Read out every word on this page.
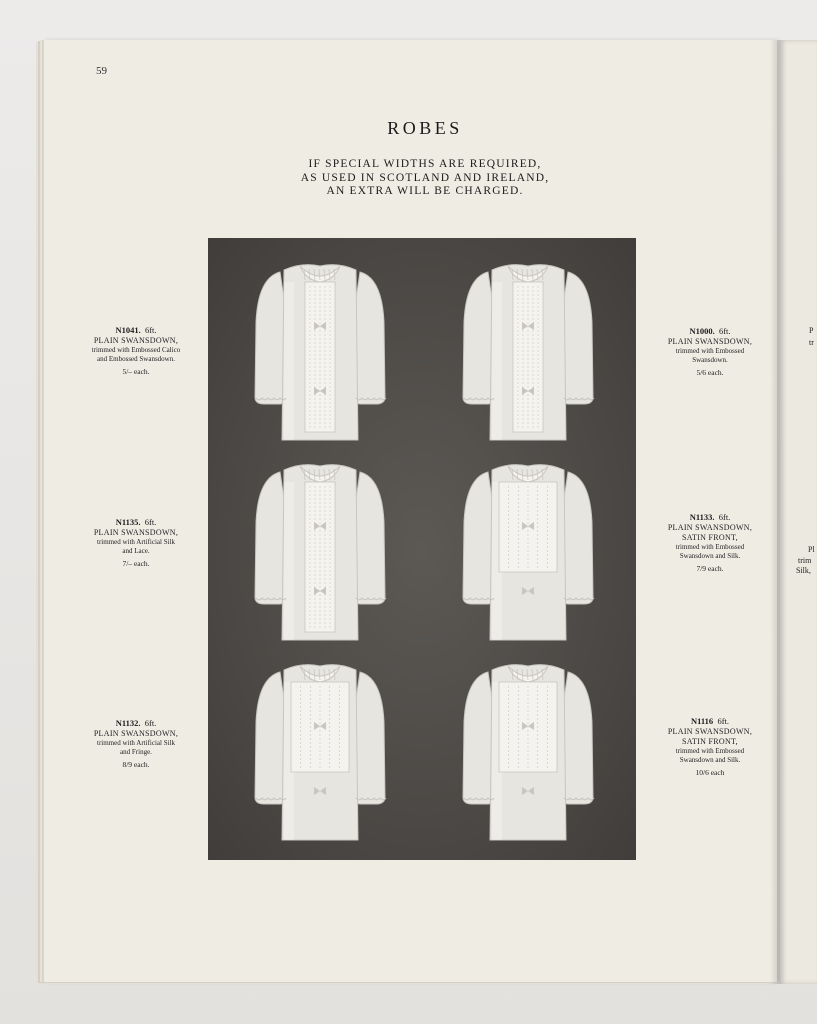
P
tr
Pl
trim
Silk,
59
ROBES
IF SPECIAL WIDTHS ARE REQUIRED,
AS USED IN SCOTLAND AND IRELAND,
AN EXTRA WILL BE CHARGED.
N1041. 6ft.
PLAIN SWANSDOWN,
trimmed with Embossed Calico
and Embossed Swansdown.
5/– each.
N1000. 6ft.
PLAIN SWANSDOWN,
trimmed with Embossed
Swansdown.
5/6 each.
N1135. 6ft.
PLAIN SWANSDOWN,
trimmed with Artificial Silk
and Lace.
7/– each.
N1133. 6ft.
PLAIN SWANSDOWN,
SATIN FRONT,
trimmed with Embossed
Swansdown and Silk.
7/9 each.
N1132. 6ft.
PLAIN SWANSDOWN,
trimmed with Artificial Silk
and Fringe.
8/9 each.
N1116 6ft.
PLAIN SWANSDOWN,
SATIN FRONT,
trimmed with Embossed
Swansdown and Silk.
10/6 each
